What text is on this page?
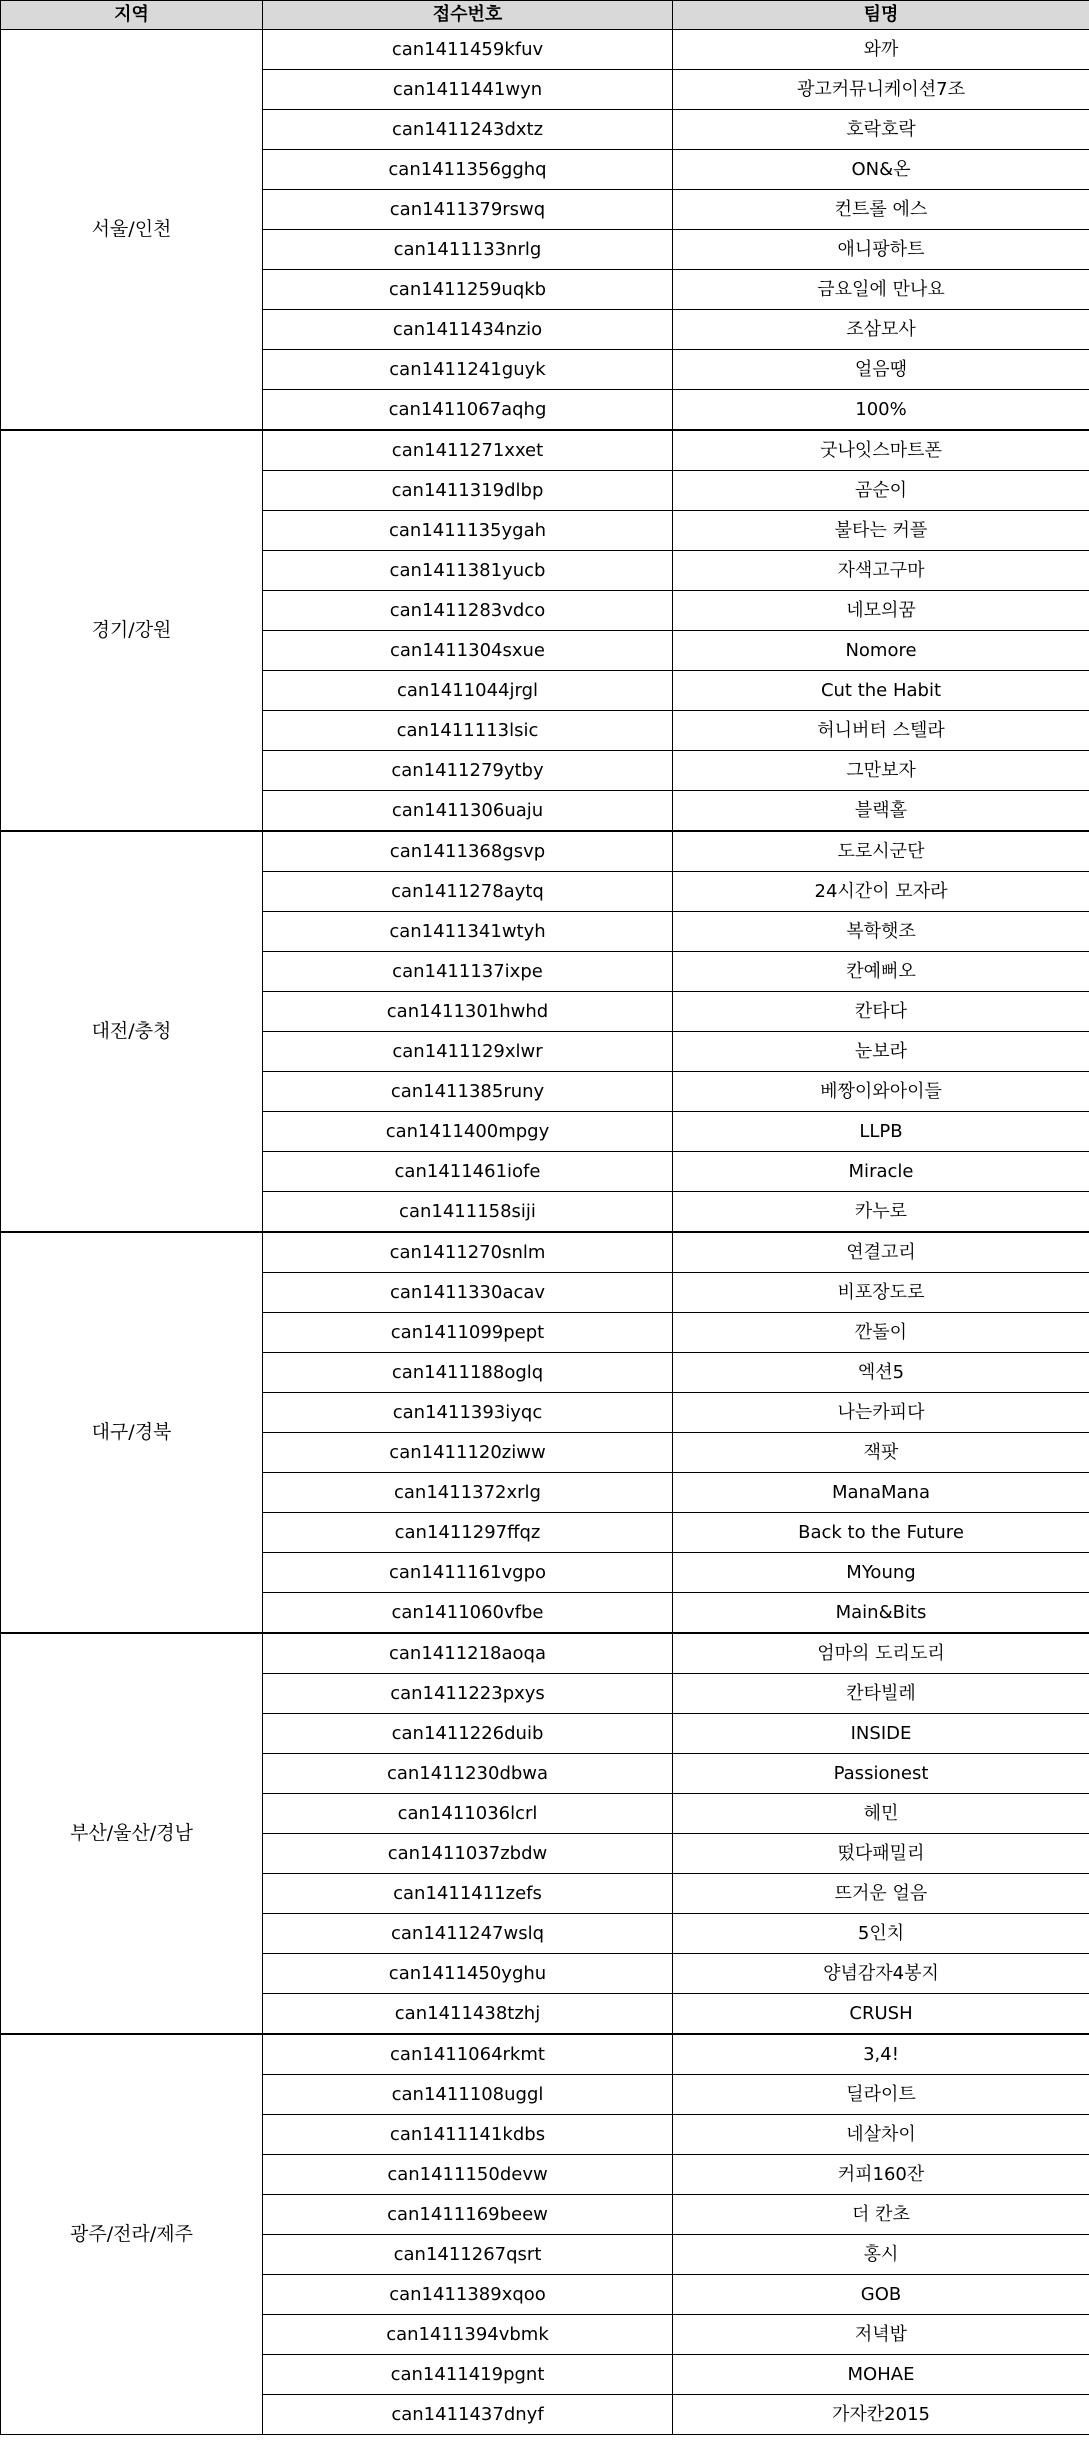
지역	접수번호	팀명
서울/인천	can1411459kfuv	와까
	can1411441wyn	광고커뮤니케이션7조
	can1411243dxtz	호락호락
	can1411356gghq	ON&온
	can1411379rswq	컨트롤 에스
	can1411133nrlg	애니팡하트
	can1411259uqkb	금요일에 만나요
	can1411434nzio	조삼모사
	can1411241guyk	얼음땡
	can1411067aqhg	100%
경기/강원	can1411271xxet	굿나잇스마트폰
	can1411319dlbp	곰순이
	can1411135ygah	불타는 커플
	can1411381yucb	자색고구마
	can1411283vdco	네모의꿈
	can1411304sxue	Nomore
	can1411044jrgl	Cut the Habit
	can1411113lsic	허니버터 스텔라
	can1411279ytby	그만보자
	can1411306uaju	블랙홀
대전/충청	can1411368gsvp	도로시군단
	can1411278aytq	24시간이 모자라
	can1411341wtyh	복학햇조
	can1411137ixpe	칸예뻐오
	can1411301hwhd	칸타다
	can1411129xlwr	눈보라
	can1411385runy	베짱이와아이들
	can1411400mpgy	LLPB
	can1411461iofe	Miracle
	can1411158siji	카누로
대구/경북	can1411270snlm	연결고리
	can1411330acav	비포장도로
	can1411099pept	깐돌이
	can1411188oglq	엑션5
	can1411393iyqc	나는카피다
	can1411120ziww	잭팟
	can1411372xrlg	ManaMana
	can1411297ffqz	Back to the Future
	can1411161vgpo	MYoung
	can1411060vfbe	Main&Bits
부산/울산/경남	can1411218aoqa	엄마의 도리도리
	can1411223pxys	칸타빌레
	can1411226duib	INSIDE
	can1411230dbwa	Passionest
	can1411036lcrl	헤민
	can1411037zbdw	떴다패밀리
	can1411411zefs	뜨거운 얼음
	can1411247wslq	5인치
	can1411450yghu	양념감자4봉지
	can1411438tzhj	CRUSH
광주/전라/제주	can1411064rkmt	3,4!
	can1411108uggl	딜라이트
	can1411141kdbs	네살차이
	can1411150devw	커피160잔
	can1411169beew	더 칸초
	can1411267qsrt	홍시
	can1411389xqoo	GOB
	can1411394vbmk	저녁밥
	can1411419pgnt	MOHAE
	can1411437dnyf	가자칸2015
